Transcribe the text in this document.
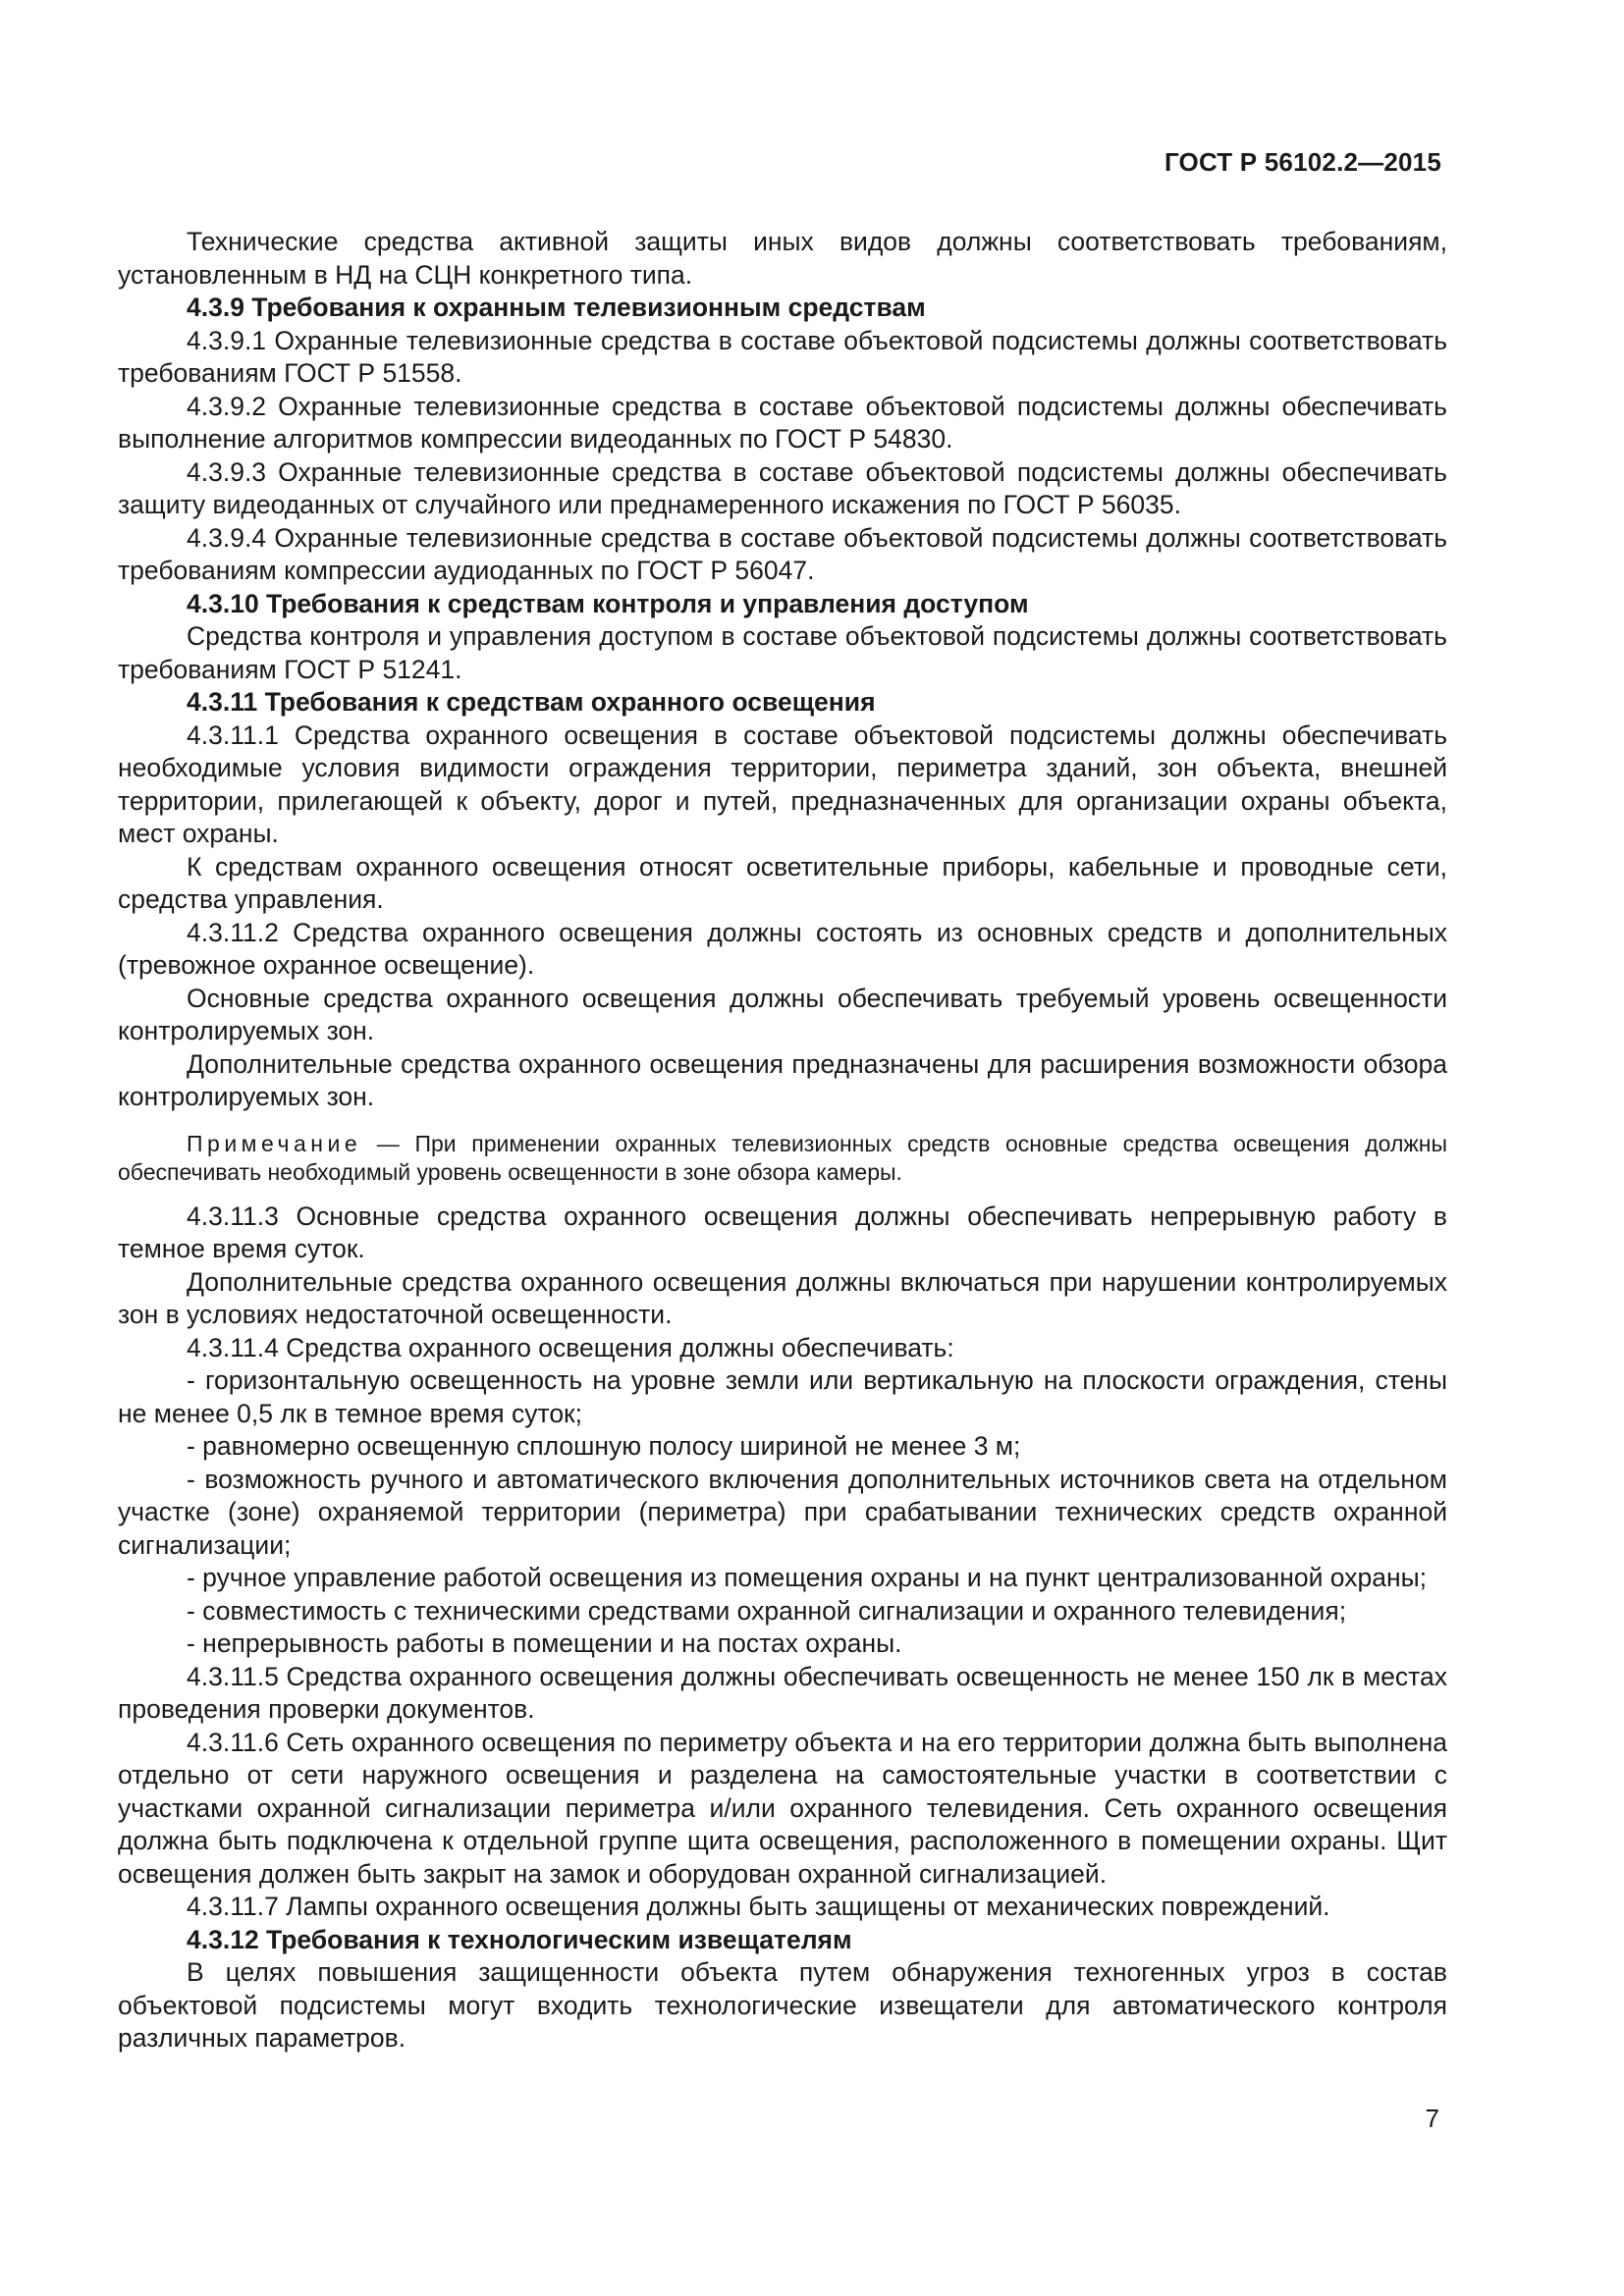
ГОСТ Р 56102.2—2015

Технические средства активной защиты иных видов должны соответствовать требованиям, установленным в НД на СЦН конкретного типа.

4.3.9 Требования к охранным телевизионным средствам

4.3.9.1 Охранные телевизионные средства в составе объектовой подсистемы должны соответствовать требованиям ГОСТ Р 51558.

4.3.9.2 Охранные телевизионные средства в составе объектовой подсистемы должны обеспечивать выполнение алгоритмов компрессии видеоданных по ГОСТ Р 54830.

4.3.9.3 Охранные телевизионные средства в составе объектовой подсистемы должны обеспечивать защиту видеоданных от случайного или преднамеренного искажения по ГОСТ Р 56035.

4.3.9.4 Охранные телевизионные средства в составе объектовой подсистемы должны соответствовать требованиям компрессии аудиоданных по ГОСТ Р 56047.

4.3.10 Требования к средствам контроля и управления доступом

Средства контроля и управления доступом в составе объектовой подсистемы должны соответствовать требованиям ГОСТ Р 51241.

4.3.11 Требования к средствам охранного освещения

4.3.11.1 Средства охранного освещения в составе объектовой подсистемы должны обеспечивать необходимые условия видимости ограждения территории, периметра зданий, зон объекта, внешней территории, прилегающей к объекту, дорог и путей, предназначенных для организации охраны объекта, мест охраны.

К средствам охранного освещения относят осветительные приборы, кабельные и проводные сети, средства управления.

4.3.11.2 Средства охранного освещения должны состоять из основных средств и дополнительных (тревожное охранное освещение).

Основные средства охранного освещения должны обеспечивать требуемый уровень освещенности контролируемых зон.

Дополнительные средства охранного освещения предназначены для расширения возможности обзора контролируемых зон.

Примечание — При применении охранных телевизионных средств основные средства освещения должны обеспечивать необходимый уровень освещенности в зоне обзора камеры.

4.3.11.3 Основные средства охранного освещения должны обеспечивать непрерывную работу в темное время суток.

Дополнительные средства охранного освещения должны включаться при нарушении контролируемых зон в условиях недостаточной освещенности.

4.3.11.4 Средства охранного освещения должны обеспечивать:

- горизонтальную освещенность на уровне земли или вертикальную на плоскости ограждения, стены не менее 0,5 лк в темное время суток;

- равномерно освещенную сплошную полосу шириной не менее 3 м;

- возможность ручного и автоматического включения дополнительных источников света на отдельном участке (зоне) охраняемой территории (периметра) при срабатывании технических средств охранной сигнализации;

- ручное управление работой освещения из помещения охраны и на пункт централизованной охраны;

- совместимость с техническими средствами охранной сигнализации и охранного телевидения;

- непрерывность работы в помещении и на постах охраны.

4.3.11.5 Средства охранного освещения должны обеспечивать освещенность не менее 150 лк в местах проведения проверки документов.

4.3.11.6 Сеть охранного освещения по периметру объекта и на его территории должна быть выполнена отдельно от сети наружного освещения и разделена на самостоятельные участки в соответствии с участками охранной сигнализации периметра и/или охранного телевидения. Сеть охранного освещения должна быть подключена к отдельной группе щита освещения, расположенного в помещении охраны. Щит освещения должен быть закрыт на замок и оборудован охранной сигнализацией.

4.3.11.7 Лампы охранного освещения должны быть защищены от механических повреждений.

4.3.12 Требования к технологическим извещателям

В целях повышения защищенности объекта путем обнаружения техногенных угроз в состав объектовой подсистемы могут входить технологические извещатели для автоматического контроля различных параметров.

7
